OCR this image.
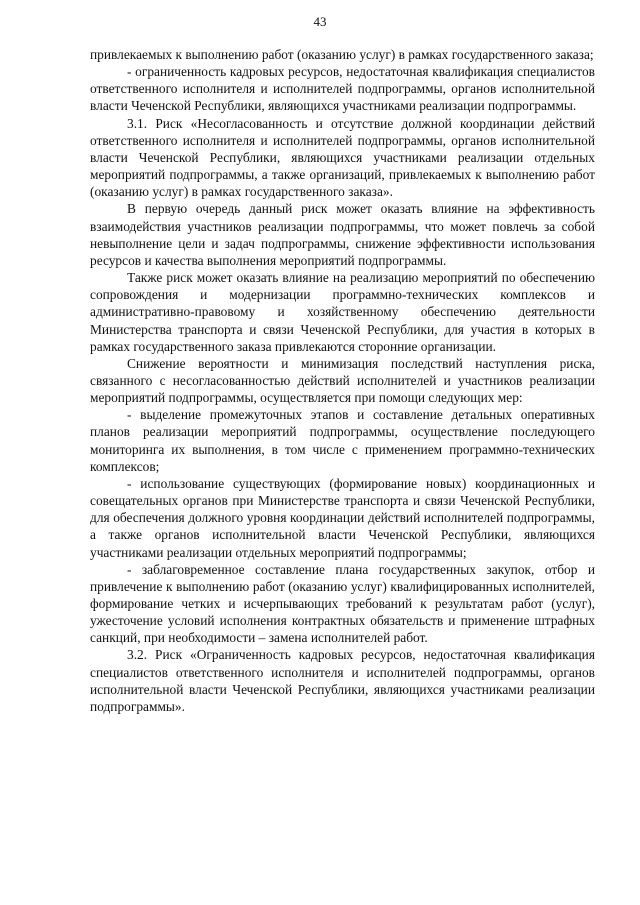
43

привлекаемых к выполнению работ (оказанию услуг) в рамках государственного заказа;

- ограниченность кадровых ресурсов, недостаточная квалификация специалистов ответственного исполнителя и исполнителей подпрограммы, органов исполнительной власти Чеченской Республики, являющихся участниками реализации подпрограммы.

3.1. Риск «Несогласованность и отсутствие должной координации действий ответственного исполнителя и исполнителей подпрограммы, органов исполнительной власти Чеченской Республики, являющихся участниками реализации отдельных мероприятий подпрограммы, а также организаций, привлекаемых к выполнению работ (оказанию услуг) в рамках государственного заказа».

В первую очередь данный риск может оказать влияние на эффективность взаимодействия участников реализации подпрограммы, что может повлечь за собой невыполнение цели и задач подпрограммы, снижение эффективности использования ресурсов и качества выполнения мероприятий подпрограммы.

Также риск может оказать влияние на реализацию мероприятий по обеспечению сопровождения и модернизации программно-технических комплексов и административно-правовому и хозяйственному обеспечению деятельности Министерства транспорта и связи Чеченской Республики, для участия в которых в рамках государственного заказа привлекаются сторонние организации.

Снижение вероятности и минимизация последствий наступления риска, связанного с несогласованностью действий исполнителей и участников реализации мероприятий подпрограммы, осуществляется при помощи следующих мер:

- выделение промежуточных этапов и составление детальных оперативных планов реализации мероприятий подпрограммы, осуществление последующего мониторинга их выполнения, в том числе с применением программно-технических комплексов;

- использование существующих (формирование новых) координационных и совещательных органов при Министерстве транспорта и связи Чеченской Республики, для обеспечения должного уровня координации действий исполнителей подпрограммы, а также органов исполнительной власти Чеченской Республики, являющихся участниками реализации отдельных мероприятий подпрограммы;

- заблаговременное составление плана государственных закупок, отбор и привлечение к выполнению работ (оказанию услуг) квалифицированных исполнителей, формирование четких и исчерпывающих требований к результатам работ (услуг), ужесточение условий исполнения контрактных обязательств и применение штрафных санкций, при необходимости – замена исполнителей работ.

3.2. Риск «Ограниченность кадровых ресурсов, недостаточная квалификация специалистов ответственного исполнителя и исполнителей подпрограммы, органов исполнительной власти Чеченской Республики, являющихся участниками реализации подпрограммы».
